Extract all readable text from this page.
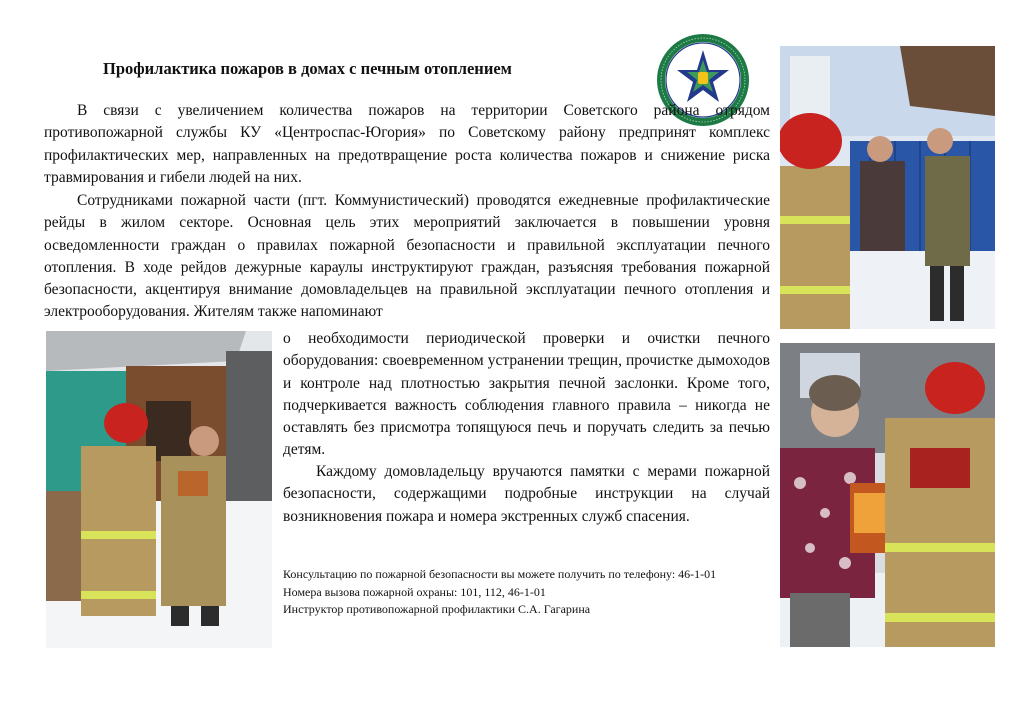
Профилактика пожаров в домах с печным отоплением
В связи с увеличением количества пожаров на территории Советского района отрядом противопожарной службы КУ «Центроспас-Югория» по Советскому району предпринят комплекс профилактических мер, направленных на предотвращение роста количества пожаров и снижение риска травмирования и гибели людей на них.
Сотрудниками пожарной части (пгт. Коммунистический) проводятся ежедневные профилактические рейды в жилом секторе. Основная цель этих мероприятий заключается в повышении уровня осведомленности граждан о правилах пожарной безопасности и правильной эксплуатации печного отопления. В ходе рейдов дежурные караулы инструктируют граждан, разъясняя требования пожарной безопасности, акцентируя внимание домовладельцев на правильной эксплуатации печного отопления и электрооборудования. Жителям также напоминают
о необходимости периодической проверки и очистки печного оборудования: своевременном устранении трещин, прочистке дымоходов и контроле над плотностью закрытия печной заслонки. Кроме того, подчеркивается важность соблюдения главного правила – никогда не оставлять без присмотра топящуюся печь и поручать следить за печью детям.
Каждому домовладельцу вручаются памятки с мерами пожарной безопасности, содержащими подробные инструкции на случай возникновения пожара и номера экстренных служб спасения.
Консультацию по пожарной безопасности вы можете получить по телефону: 46-1-01
Номера вызова пожарной охраны: 101, 112, 46-1-01
Инструктор противопожарной профилактики С.А. Гагарина
